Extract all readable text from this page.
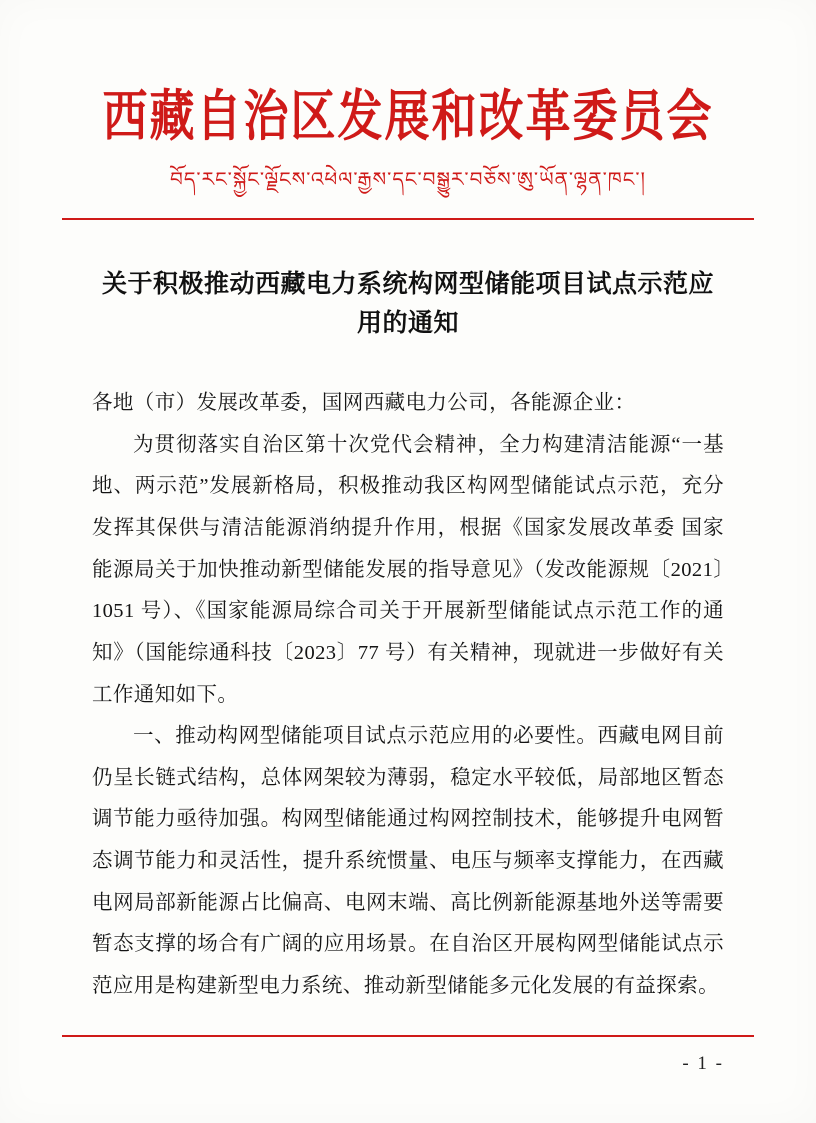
西藏自治区发展和改革委员会
བོད་རང་སྐྱོང་ལྗོངས་འཕེལ་རྒྱས་དང་བསྒྱུར་བཅོས་ཨུ་ཡོན་ལྷན་ཁང་།
关于积极推动西藏电力系统构网型储能项目试点示范应用的通知

各地（市）发展改革委，国网西藏电力公司，各能源企业：

为贯彻落实自治区第十次党代会精神，全力构建清洁能源“一基地、两示范”发展新格局，积极推动我区构网型储能试点示范，充分发挥其保供与清洁能源消纳提升作用，根据《国家发展改革委 国家能源局关于加快推动新型储能发展的指导意见》（发改能源规〔2021〕1051 号）、《国家能源局综合司关于开展新型储能试点示范工作的通知》（国能综通科技〔2023〕77 号）有关精神，现就进一步做好有关工作通知如下。

一、推动构网型储能项目试点示范应用的必要性。西藏电网目前仍呈长链式结构，总体网架较为薄弱，稳定水平较低，局部地区暂态调节能力亟待加强。构网型储能通过构网控制技术，能够提升电网暂态调节能力和灵活性，提升系统惯量、电压与频率支撑能力，在西藏电网局部新能源占比偏高、电网末端、高比例新能源基地外送等需要暂态支撑的场合有广阔的应用场景。在自治区开展构网型储能试点示范应用是构建新型电力系统、推动新型储能多元化发展的有益探索。

- 1 -
